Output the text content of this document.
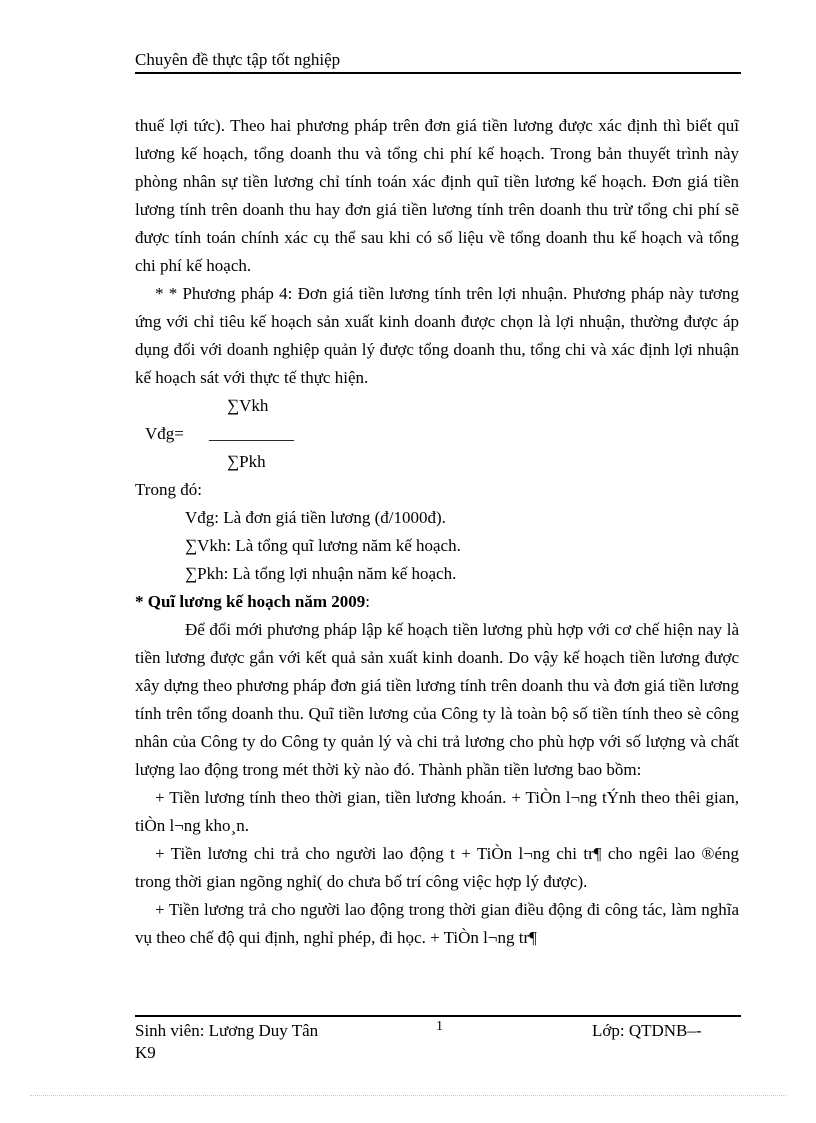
Chuyên đề thực tập tốt nghiệp

thuế lợi tức). Theo hai phương pháp trên đơn giá tiền lương được xác định thì biết quĩ lương kế hoạch, tổng doanh thu và tổng chi phí kế hoạch. Trong bản thuyết trình này phòng nhân sự tiền lương chỉ tính toán xác định quĩ tiền lương kế hoạch. Đơn giá tiền lương tính trên doanh thu hay đơn giá tiền lương tính trên doanh thu trừ tổng chi phí sẽ được tính toán chính xác cụ thể sau khi có số liệu về tổng doanh thu kế hoạch và tổng chi phí kế hoạch.

* * Phương pháp 4: Đơn giá tiền lương tính trên lợi nhuận. Phương pháp này tương ứng với chỉ tiêu kế hoạch sản xuất kinh doanh được chọn là lợi nhuận, thường được áp dụng đối với doanh nghiệp quản lý được tổng doanh thu, tổng chi và xác định lợi nhuận kế hoạch sát với thực tế thực hiện.

∑Vkh
Vđg= __________
∑Pkh

Trong đó:

Vđg: Là đơn giá tiền lương (đ/1000đ).

∑Vkh: Là tổng quĩ lương năm kế hoạch.

∑Pkh: Là tổng lợi nhuận năm kế hoạch.

* Quĩ lương kế hoạch năm 2009:

Để đổi mới phương pháp lập kế hoạch tiền lương phù hợp với cơ chế hiện nay là tiền lương được gắn với kết quả sản xuất kinh doanh. Do vậy kế hoạch tiền lương được xây dựng theo phương pháp đơn giá tiền lương tính trên doanh thu và đơn giá tiền lương tính trên tổng doanh thu. Quĩ tiền lương của Công ty là toàn bộ số tiền tính theo sè công nhân của Công ty do Công ty quản lý và chi trả lương cho phù hợp với số lượng và chất lượng lao động trong mét thời kỳ nào đó. Thành phần tiền lương bao bồm:

+ Tiền lương tính theo thời gian, tiền lương khoán. + TiÒn l¬ng tÝnh theo thêi gian, tiÒn l¬ng kho¸n.

+ Tiền lương chi trả cho người lao động t + TiÒn l¬ng chi tr¶ cho ngêi lao ®éng trong thời gian ngõng nghỉ( do chưa bố trí công việc hợp lý được).

+ Tiền lương trả cho người lao động trong thời gian điều động đi công tác, làm nghĩa vụ theo chế độ qui định, nghỉ phép, đi học. + TiÒn l¬ng tr¶

Sinh viên: Lương Duy Tân
K9
1	Lớp: QTDNB–-
